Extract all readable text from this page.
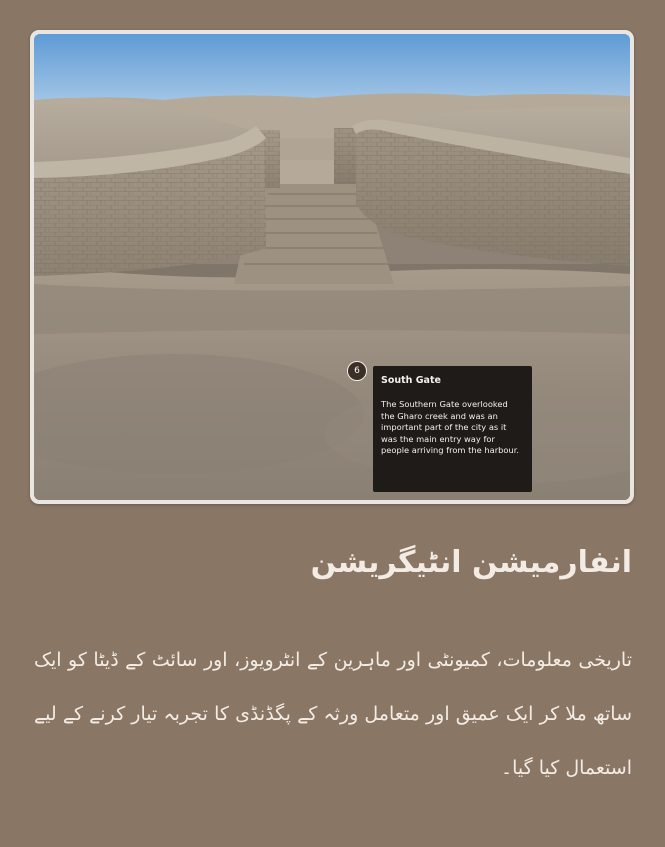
6

South Gate

The Southern Gate overlooked the Gharo creek and was an important part of the city as it was the main entry way for people arriving from the harbour.

انفارمیشن انٹیگریشن

تاریخی معلومات، کمیونٹی اور ماہرین کے انٹرویوز، اور سائٹ کے ڈیٹا کو ایک ساتھ ملا کر ایک عمیق اور متعامل ورثہ کے پگڈنڈی کا تجربہ تیار کرنے کے لیے استعمال کیا گیا۔
